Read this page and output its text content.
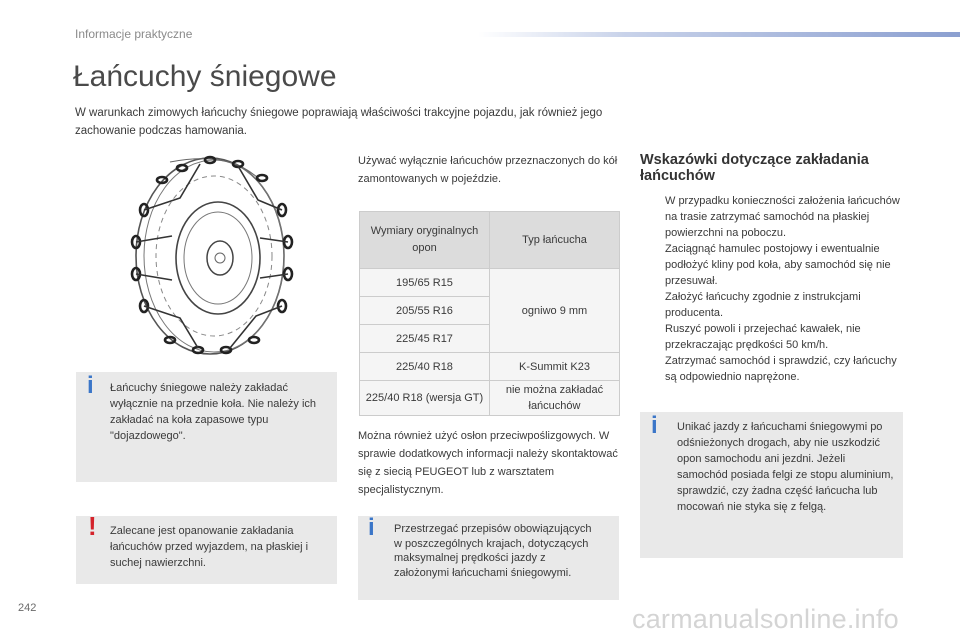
Informacje praktyczne
Łańcuchy śniegowe

W warunkach zimowych łańcuchy śniegowe poprawiają właściwości trakcyjne pojazdu, jak również jego zachowanie podczas hamowania.

i Łańcuchy śniegowe należy zakładać wyłącznie na przednie koła. Nie należy ich zakładać na koła zapasowe typu "dojazdowego".
! Zalecane jest opanowanie zakładania łańcuchów przed wyjazdem, na płaskiej i suchej nawierzchni.

Używać wyłącznie łańcuchów przeznaczonych do kół zamontowanych w pojeździe.

Wymiary oryginalnych opon	Typ łańcucha
195/65 R15	ogniwo 9 mm
205/55 R16	
225/45 R17	
225/40 R18	K-Summit K23
225/40 R18 (wersja GT)	nie można zakładać łańcuchów

Można również użyć osłon przeciwpoślizgowych. W sprawie dodatkowych informacji należy skontaktować się z siecią PEUGEOT lub z warsztatem specjalistycznym.

i Przestrzegać przepisów obowiązujących w poszczególnych krajach, dotyczących maksymalnej prędkości jazdy z założonymi łańcuchami śniegowymi.
Wskazówki dotyczące zakładania łańcuchów
W przypadku konieczności założenia łańcuchów na trasie zatrzymać samochód na płaskiej powierzchni na poboczu.
Zaciągnąć hamulec postojowy i ewentualnie podłożyć kliny pod koła, aby samochód się nie przesuwał.
Założyć łańcuchy zgodnie z instrukcjami producenta.
Ruszyć powoli i przejechać kawałek, nie przekraczając prędkości 50 km/h.
Zatrzymać samochód i sprawdzić, czy łańcuchy są odpowiednio naprężone.
i Unikać jazdy z łańcuchami śniegowymi po odśnieżonych drogach, aby nie uszkodzić opon samochodu ani jezdni. Jeżeli samochód posiada felgi ze stopu aluminium, sprawdzić, czy żadna część łańcucha lub mocowań nie styka się z felgą.
242	carmanualsonline.info
